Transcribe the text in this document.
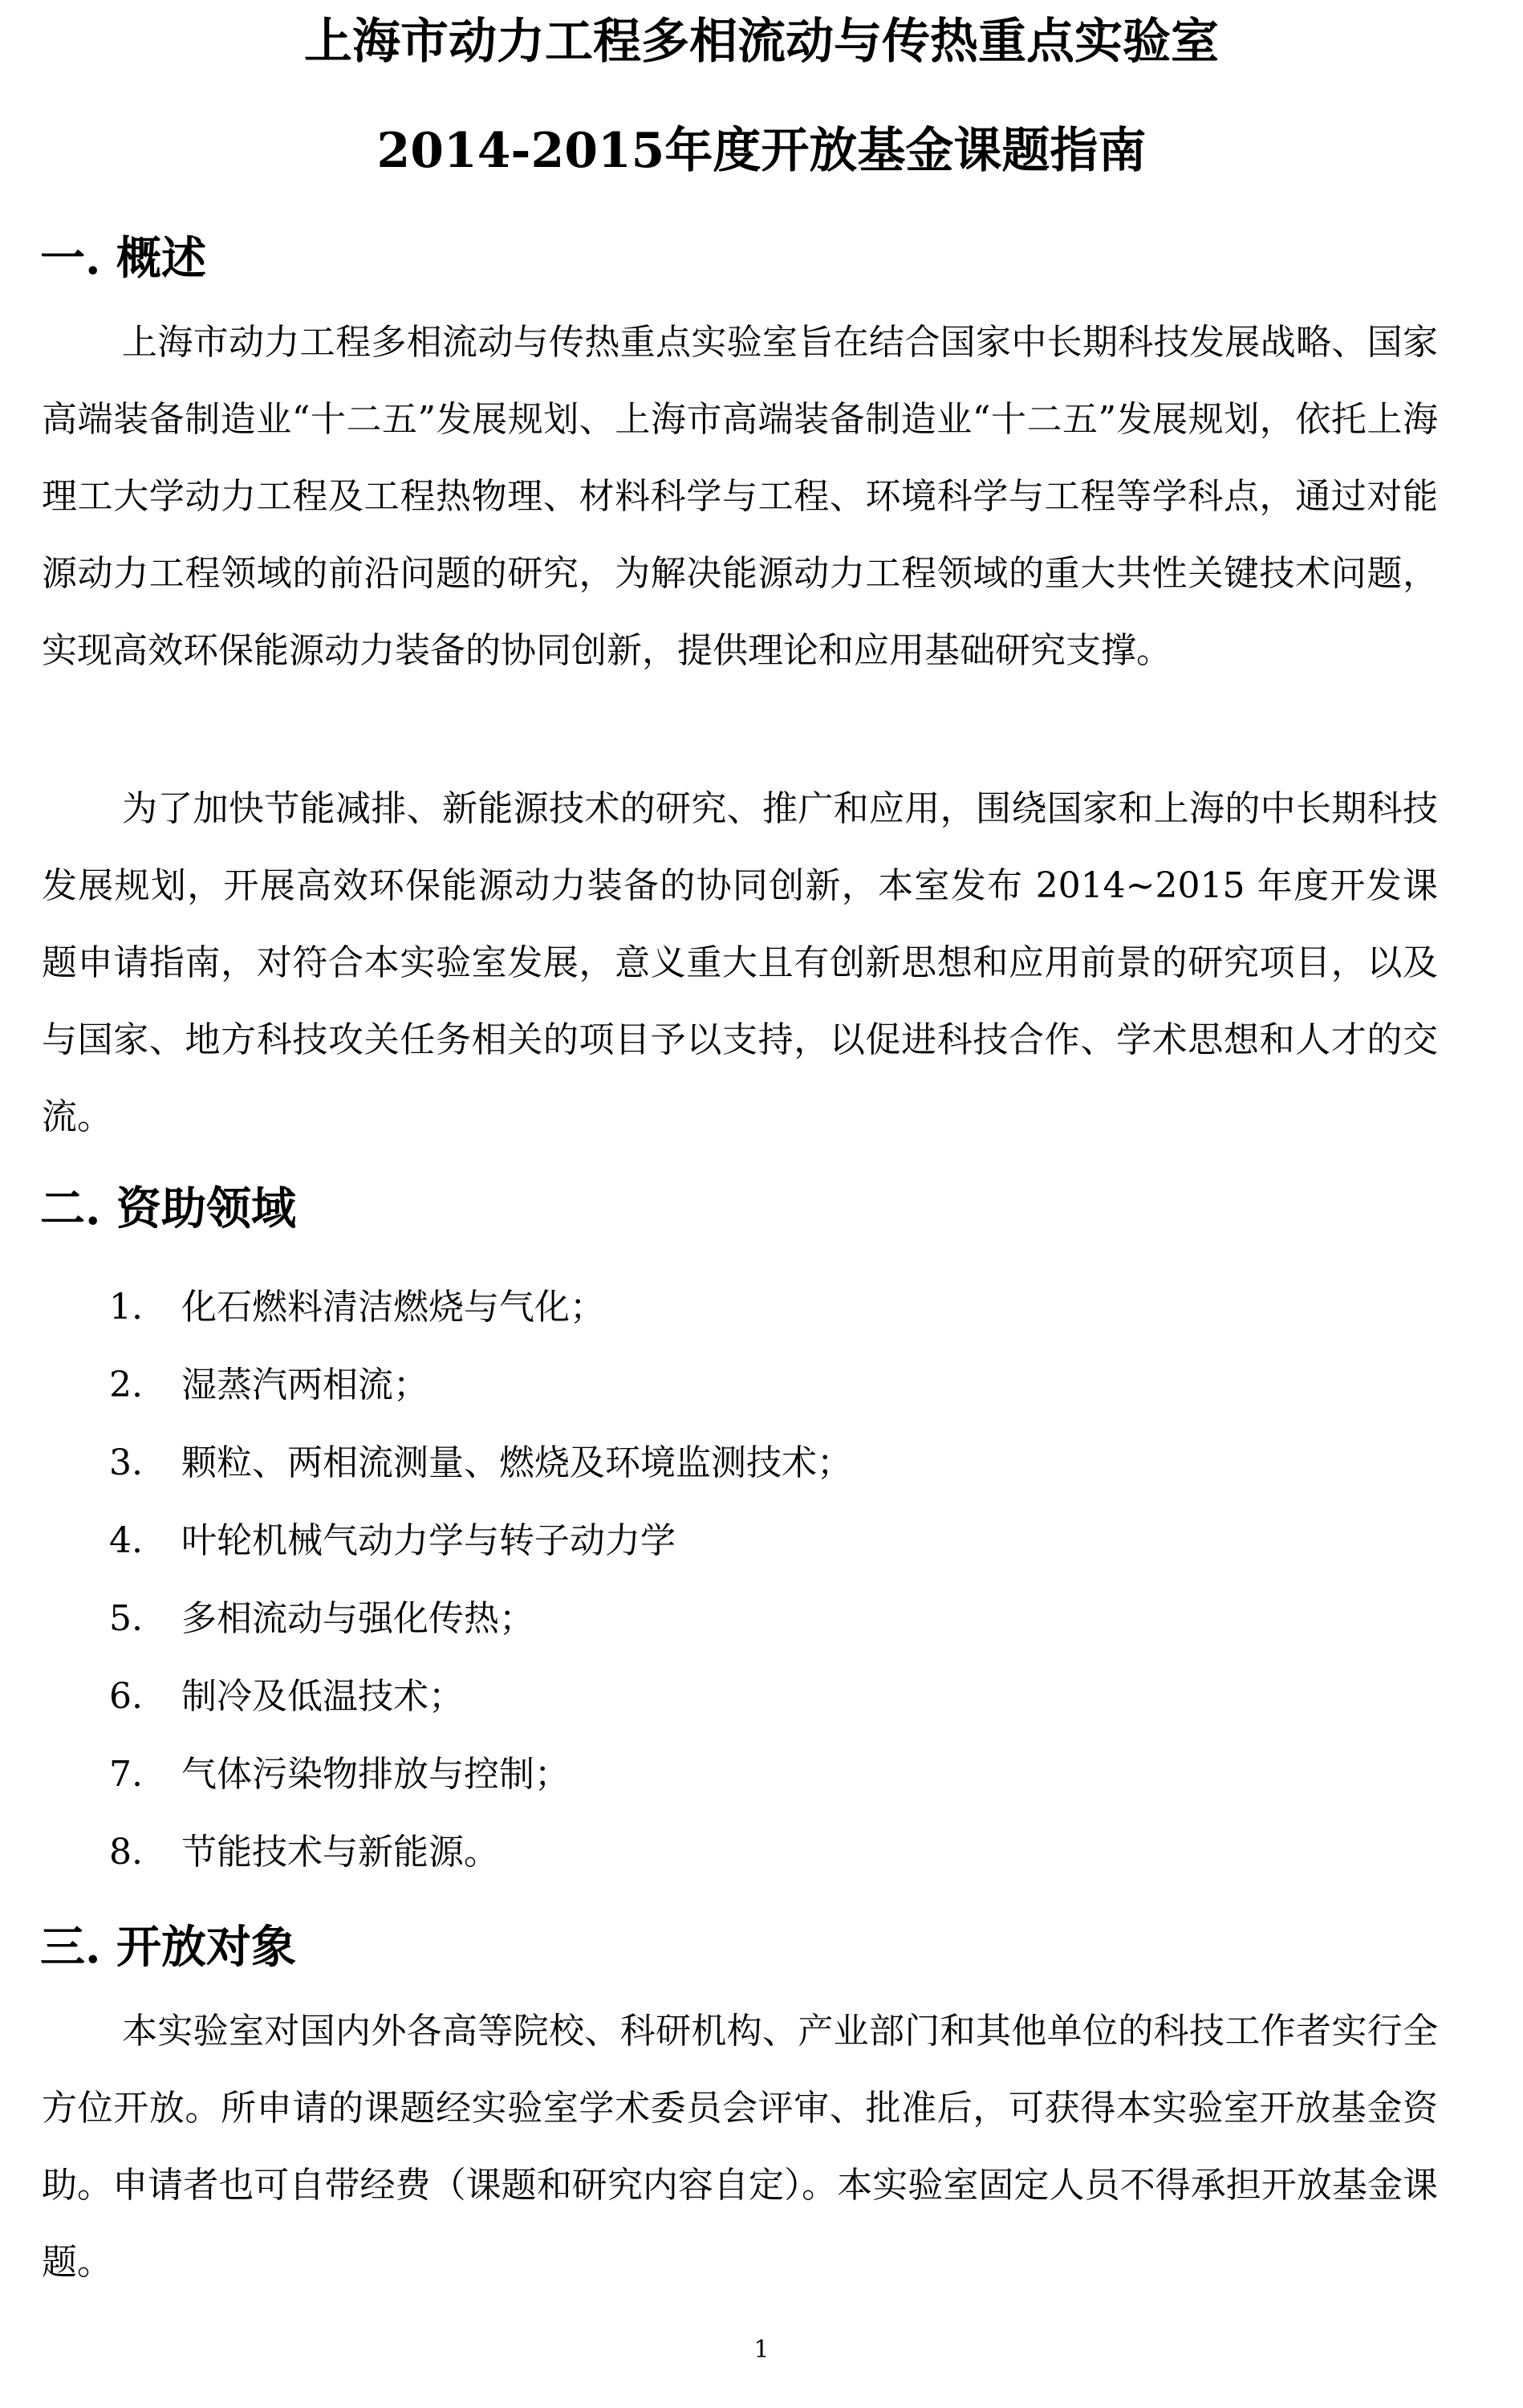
上海市动力工程多相流动与传热重点实验室
2014-2015年度开放基金课题指南
一. 概述

上海市动力工程多相流动与传热重点实验室旨在结合国家中长期科技发展战略、国家高端装备制造业“十二五”发展规划、上海市高端装备制造业“十二五”发展规划，依托上海理工大学动力工程及工程热物理、材料科学与工程、环境科学与工程等学科点，通过对能源动力工程领域的前沿问题的研究，为解决能源动力工程领域的重大共性关键技术问题，实现高效环保能源动力装备的协同创新，提供理论和应用基础研究支撑。

为了加快节能减排、新能源技术的研究、推广和应用，围绕国家和上海的中长期科技发展规划，开展高效环保能源动力装备的协同创新，本室发布 2014~2015 年度开发课题申请指南，对符合本实验室发展，意义重大且有创新思想和应用前景的研究项目，以及与国家、地方科技攻关任务相关的项目予以支持，以促进科技合作、学术思想和人才的交流。

二. 资助领域
1. 化石燃料清洁燃烧与气化；
2. 湿蒸汽两相流；
3. 颗粒、两相流测量、燃烧及环境监测技术；
4. 叶轮机械气动力学与转子动力学
5. 多相流动与强化传热；
6. 制冷及低温技术；
7. 气体污染物排放与控制；
8. 节能技术与新能源。
三. 开放对象

本实验室对国内外各高等院校、科研机构、产业部门和其他单位的科技工作者实行全方位开放。所申请的课题经实验室学术委员会评审、批准后，可获得本实验室开放基金资助。申请者也可自带经费（课题和研究内容自定）。本实验室固定人员不得承担开放基金课题。

1
